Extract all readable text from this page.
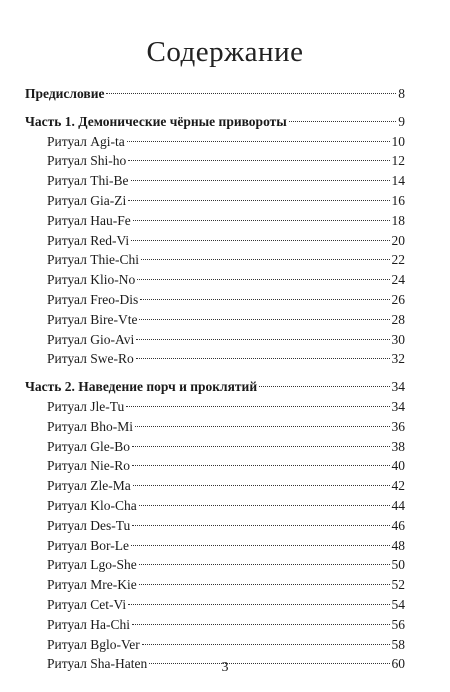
Содержание
Предисловие	8
Часть 1. Демонические чёрные привороты	9
Ритуал Agi-ta	10
Ритуал Shi-ho	12
Ритуал Thi-Be	14
Ритуал Gia-Zi	16
Ритуал Hau-Fe	18
Ритуал Red-Vi	20
Ритуал Thie-Chi	22
Ритуал Klio-No	24
Ритуал Freo-Dis	26
Ритуал Bire-Vte	28
Ритуал Gio-Avi	30
Ритуал Swe-Ro	32
Часть 2. Наведение порч и проклятий	34
Ритуал Jle-Tu	34
Ритуал Bho-Mi	36
Ритуал Gle-Bo	38
Ритуал Nie-Ro	40
Ритуал Zle-Ma	42
Ритуал Klo-Cha	44
Ритуал Des-Tu	46
Ритуал Bor-Le	48
Ритуал Lgo-She	50
Ритуал Mre-Kie	52
Ритуал Cet-Vi	54
Ритуал Ha-Chi	56
Ритуал Bglo-Ver	58
Ритуал Sha-Haten	60
3
